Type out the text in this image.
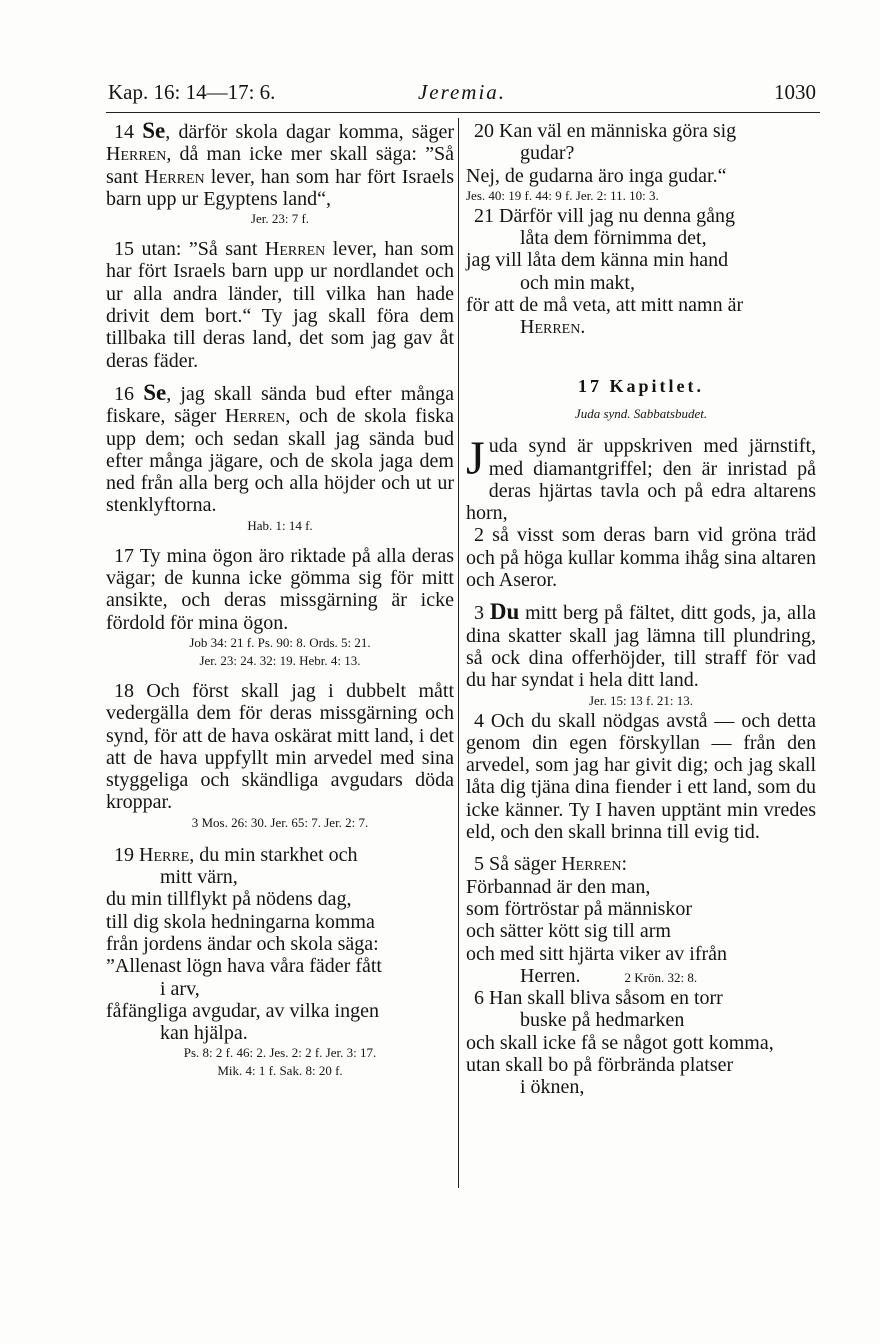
Kap. 16: 14—17: 6.	Jeremia.	1030

14 Se, därför skola dagar komma, säger Herren, då man icke mer skall säga: ”Så sant Herren lever, han som har fört Israels barn upp ur Egyptens land“,

Jer. 23: 7 f.

15 utan: ”Så sant Herren lever, han som har fört Israels barn upp ur nordlandet och ur alla andra länder, till vilka han hade drivit dem bort.“ Ty jag skall föra dem tillbaka till deras land, det som jag gav åt deras fäder.

16 Se, jag skall sända bud efter många fiskare, säger Herren, och de skola fiska upp dem; och sedan skall jag sända bud efter många jägare, och de skola jaga dem ned från alla berg och alla höjder och ut ur stenklyftorna.

Hab. 1: 14 f.

17 Ty mina ögon äro riktade på alla deras vägar; de kunna icke gömma sig för mitt ansikte, och deras missgärning är icke fördold för mina ögon.

Job 34: 21 f. Ps. 90: 8. Ords. 5: 21.

Jer. 23: 24. 32: 19. Hebr. 4: 13.

18 Och först skall jag i dubbelt mått vedergälla dem för deras missgärning och synd, för att de hava oskärat mitt land, i det att de hava uppfyllt min arvedel med sina styggeliga och skändliga avgudars döda kroppar.

3 Mos. 26: 30. Jer. 65: 7. Jer. 2: 7.

19 Herre, du min starkhet och

mitt värn,

du min tillflykt på nödens dag,

till dig skola hedningarna komma

från jordens ändar och skola säga:

”Allenast lögn hava våra fäder fått

i arv,

fåfängliga avgudar, av vilka ingen

kan hjälpa.

Ps. 8: 2 f. 46: 2. Jes. 2: 2 f. Jer. 3: 17.

Mik. 4: 1 f. Sak. 8: 20 f.

20 Kan väl en människa göra sig

gudar?

Nej, de gudarna äro inga gudar.“

Jes. 40: 19 f. 44: 9 f. Jer. 2: 11. 10: 3.

21 Därför vill jag nu denna gång

låta dem förnimma det,

jag vill låta dem känna min hand

och min makt,

för att de må veta, att mitt namn är

Herren.

17 Kapitlet.

Juda synd. Sabbatsbudet.

Juda synd är uppskriven med järnstift, med diamantgriffel; den är inristad på deras hjärtas tavla och på edra altarens horn,

2 så visst som deras barn vid gröna träd och på höga kullar komma ihåg sina altaren och Aseror.

3 Du mitt berg på fältet, ditt gods, ja, alla dina skatter skall jag lämna till plundring, så ock dina offerhöjder, till straff för vad du har syndat i hela ditt land.

Jer. 15: 13 f. 21: 13.

4 Och du skall nödgas avstå — och detta genom din egen förskyllan — från den arvedel, som jag har givit dig; och jag skall låta dig tjäna dina fiender i ett land, som du icke känner. Ty I haven upptänt min vredes eld, och den skall brinna till evig tid.

5 Så säger Herren:

Förbannad är den man,

som förtröstar på människor

och sätter kött sig till arm

och med sitt hjärta viker av ifrån

Herren.	2 Krön. 32: 8.

6 Han skall bliva såsom en torr

buske på hedmarken

och skall icke få se något gott komma,

utan skall bo på förbrända platser

i öknen,
